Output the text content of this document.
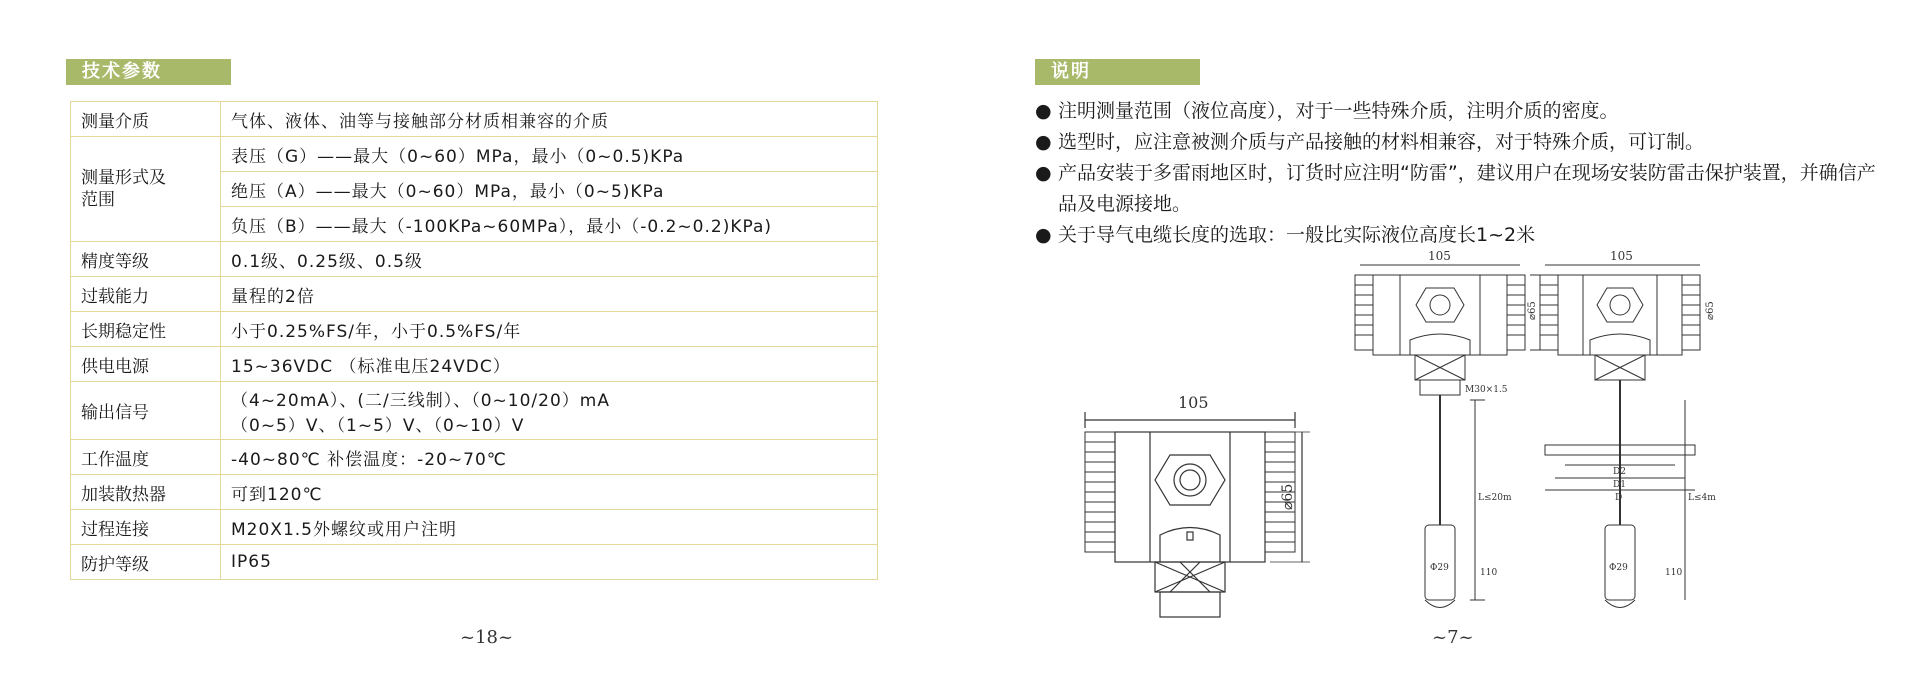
技术参数
测量介质	气体、液体、油等与接触部分材质相兼容的介质
测量形式及范围	表压（G）——最大（0~60）MPa，最小（0~0.5)KPa
	绝压（A）——最大（0~60）MPa，最小（0~5)KPa
	负压（B）——最大（-100KPa~60MPa），最小（-0.2~0.2)KPa)
精度等级	0.1级、0.25级、0.5级
过载能力	量程的2倍
长期稳定性	小于0.25%FS/年，小于0.5%FS/年
供电电源	15~36VDC （标准电压24VDC）
输出信号	（4~20mA）、(二/三线制）、（0~10/20）mA
（0~5）V、（1~5）V、（0~10）V

工作温度	-40~80℃ 补偿温度：-20~70℃
加装散热器	可到120℃
过程连接	M20X1.5外螺纹或用户注明
防护等级	IP65
~18~
说明
● 注明测量范围（液位高度），对于一些特殊介质，注明介质的密度。
● 选型时，应注意被测介质与产品接触的材料相兼容，对于特殊介质，可订制。
● 产品安装于多雷雨地区时，订货时应注明“防雷”，建议用户在现场安装防雷击保护装置，并确信产品及电源接地。
● 关于导气电缆长度的选取：一般比实际液位高度长1~2米
105
⌀65
105
⌀65
M30×1.5
L≤20m
Φ29	110
105
⌀65
D2
D1
D	L≤4m
Φ29	110
~7~
